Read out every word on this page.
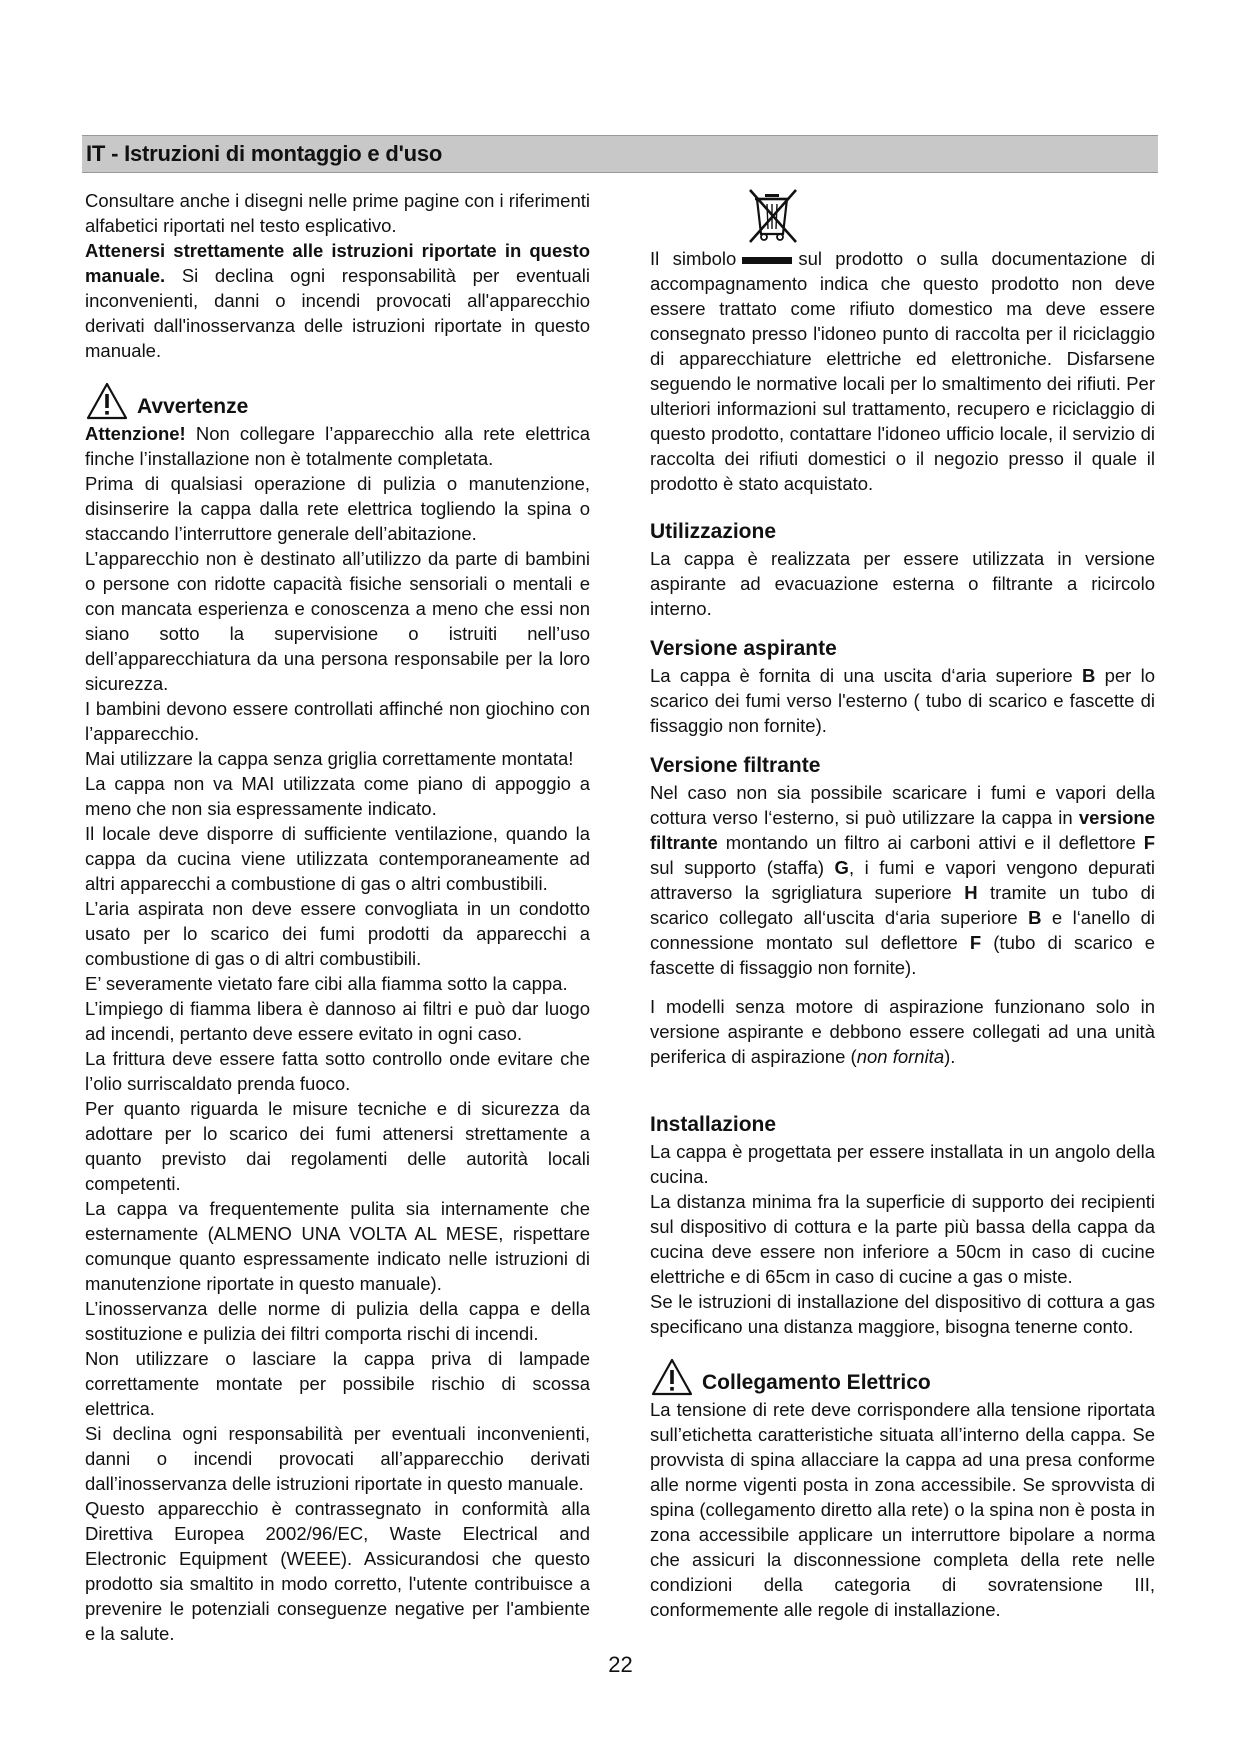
IT - Istruzioni di montaggio e d'uso

Consultare anche i disegni nelle prime pagine con i riferimenti alfabetici riportati nel testo esplicativo.

Attenersi strettamente alle istruzioni riportate in questo manuale. Si declina ogni responsabilità per eventuali inconvenienti, danni o incendi provocati all'apparecchio derivati dall'inosservanza delle istruzioni riportate in questo manuale.

Avvertenze

Attenzione! Non collegare l’apparecchio alla rete elettrica finche l’installazione non è totalmente completata.

Prima di qualsiasi operazione di pulizia o manutenzione, disinserire la cappa dalla rete elettrica togliendo la spina o staccando l’interruttore generale dell’abitazione.

L’apparecchio non è destinato all’utilizzo da parte di bambini o persone con ridotte capacità fisiche sensoriali o mentali e con mancata esperienza e conoscenza a meno che essi non siano sotto la supervisione o istruiti nell’uso dell’apparecchiatura da una persona responsabile per la loro sicurezza.

I bambini devono essere controllati affinché non giochino con l’apparecchio.

Mai utilizzare la cappa senza griglia correttamente montata!

La cappa non va MAI utilizzata come piano di appoggio a meno che non sia espressamente indicato.

Il locale deve disporre di sufficiente ventilazione, quando la cappa da cucina viene utilizzata contemporaneamente ad altri apparecchi a combustione di gas o altri combustibili.

L’aria aspirata non deve essere convogliata in un condotto usato per lo scarico dei fumi prodotti da apparecchi a combustione di gas o di altri combustibili.

E’ severamente vietato fare cibi alla fiamma sotto la cappa.

L’impiego di fiamma libera è dannoso ai filtri e può dar luogo ad incendi, pertanto deve essere evitato in ogni caso.

La frittura deve essere fatta sotto controllo onde evitare che l’olio surriscaldato prenda fuoco.

Per quanto riguarda le misure tecniche e di sicurezza da adottare per lo scarico dei fumi attenersi strettamente a quanto previsto dai regolamenti delle autorità locali competenti.

La cappa va frequentemente pulita sia internamente che esternamente (ALMENO UNA VOLTA AL MESE, rispettare comunque quanto espressamente indicato nelle istruzioni di manutenzione riportate in questo manuale).

L’inosservanza delle norme di pulizia della cappa e della sostituzione e pulizia dei filtri comporta rischi di incendi.

Non utilizzare o lasciare la cappa priva di lampade correttamente montate per possibile rischio di scossa elettrica.

Si declina ogni responsabilità per eventuali inconvenienti, danni o incendi provocati all’apparecchio derivati dall’inosservanza delle istruzioni riportate in questo manuale.

Questo apparecchio è contrassegnato in conformità alla Direttiva Europea 2002/96/EC, Waste Electrical and Electronic Equipment (WEEE). Assicurandosi che questo prodotto sia smaltito in modo corretto, l'utente contribuisce a prevenire le potenziali conseguenze negative per l'ambiente e la salute.

Il simbolo	sul prodotto o sulla documentazione di accompagnamento indica che questo prodotto non deve essere trattato come rifiuto domestico ma deve essere consegnato presso l'idoneo punto di raccolta per il riciclaggio di apparecchiature elettriche ed elettroniche. Disfarsene seguendo le normative locali per lo smaltimento dei rifiuti. Per ulteriori informazioni sul trattamento, recupero e riciclaggio di questo prodotto, contattare l'idoneo ufficio locale, il servizio di raccolta dei rifiuti domestici o il negozio presso il quale il prodotto è stato acquistato.

Utilizzazione

La cappa è realizzata per essere utilizzata in versione aspirante ad evacuazione esterna o filtrante a ricircolo interno.

Versione aspirante

La cappa è fornita di una uscita d‘aria superiore B per lo scarico dei fumi verso l'esterno ( tubo di scarico e fascette di fissaggio non fornite).

Versione filtrante

Nel caso non sia possibile scaricare i fumi e vapori della cottura verso l‘esterno, si può utilizzare la cappa in versione filtrante montando un filtro ai carboni attivi e il deflettore F sul supporto (staffa) G, i fumi e vapori vengono depurati attraverso la sgrigliatura superiore H tramite un tubo di scarico collegato all‘uscita d‘aria superiore B e l‘anello di connessione montato sul deflettore F (tubo di scarico e fascette di fissaggio non fornite).

I modelli senza motore di aspirazione funzionano solo in versione aspirante e debbono essere collegati ad una unità periferica di aspirazione (non fornita).

Installazione

La cappa è progettata per essere installata in un angolo della cucina.

La distanza minima fra la superficie di supporto dei recipienti sul dispositivo di cottura e la parte più bassa della cappa da cucina deve essere non inferiore a 50cm in caso di cucine elettriche e di 65cm in caso di cucine a gas o miste.

Se le istruzioni di installazione del dispositivo di cottura a gas specificano una distanza maggiore, bisogna tenerne conto.

Collegamento Elettrico

La tensione di rete deve corrispondere alla tensione riportata sull’etichetta caratteristiche situata all’interno della cappa. Se provvista di spina allacciare la cappa ad una presa conforme alle norme vigenti posta in zona accessibile. Se sprovvista di spina (collegamento diretto alla rete) o la spina non è posta in zona accessibile applicare un interruttore bipolare a norma che assicuri la disconnessione completa della rete nelle condizioni della categoria di sovratensione III, conformemente alle regole di installazione.

22
